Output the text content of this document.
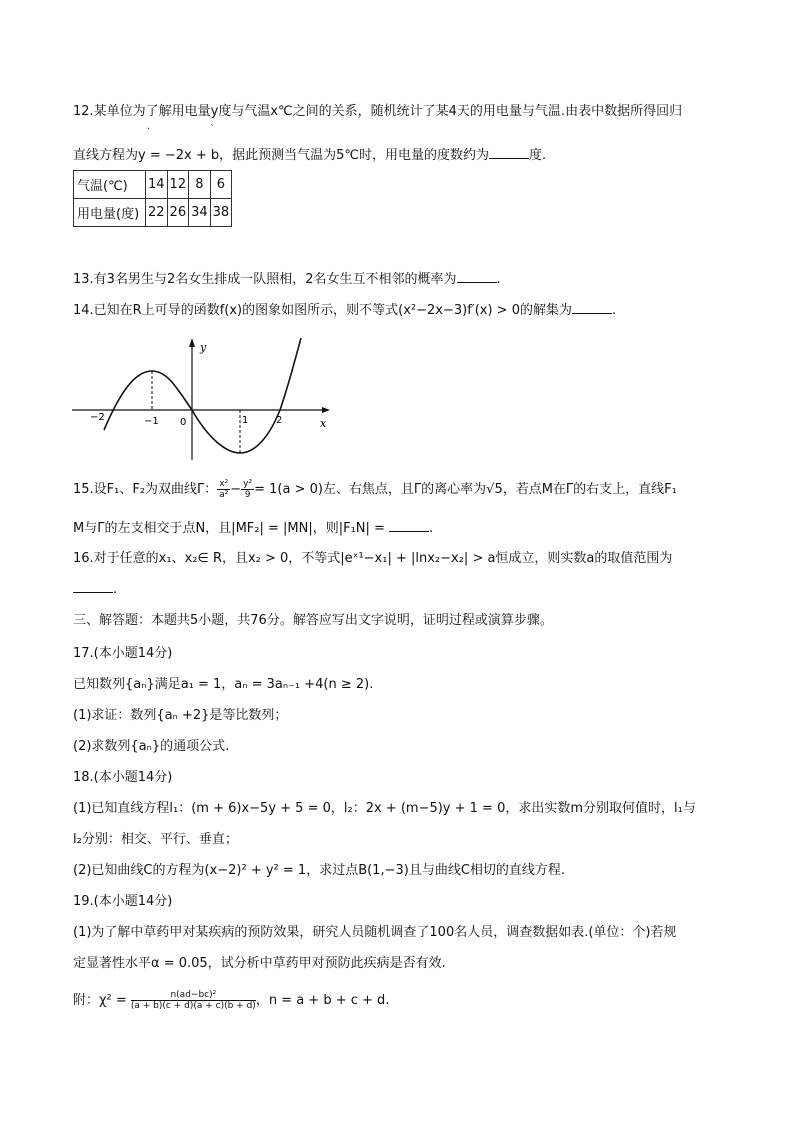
12.某单位为了解用电量y度与气温x℃之间的关系，随机统计了某4天的用电量与气温.由表中数据所得回归
·	`
直线方程为y = −2x + b，据此预测当气温为5℃时，用电量的度数约为	度.
气温(℃)	14	12	8	6
用电量(度)	22	26	34	38
13.有3名男生与2名女生排成一队照相，2名女生互不相邻的概率为	.
14.已知在R上可导的函数f(x)的图象如图所示，则不等式(x²−2x−3)f′(x) > 0的解集为	.
y
x
−2	−1 0	1	2
15.设F₁、F₂为双曲线Γ： $\frac{\text{x²}}{\text{a²}} - \frac{\text{y²}}{9} = 1(a > 0)$左、右焦点，且Γ的离心率为√5，若点M在Γ的右支上，直线F₁
M与Γ的左支相交于点N，且|MF₂| = |MN|，则|F₁N| =	.
16.对于任意的x₁、x₂∈ R，且x₂ > 0，不等式|eˣ¹−x₁| + |lnx₂−x₂| > a恒成立，则实数a的取值范围为
.
三、解答题：本题共5小题，共76分。解答应写出文字说明，证明过程或演算步骤。
17.(本小题14分)
已知数列{aₙ}满足a₁ = 1，aₙ = 3aₙ₋₁ +4(n ≥ 2).
(1)求证：数列{aₙ +2}是等比数列；
(2)求数列{aₙ}的通项公式.
18.(本小题14分)
(1)已知直线方程l₁：(m + 6)x−5y + 5 = 0，l₂：2x + (m−5)y + 1 = 0，求出实数m分别取何值时，l₁与
l₂分别：相交、平行、垂直；
(2)已知曲线C的方程为(x−2)² + y² = 1，求过点B(1,−3)且与曲线C相切的直线方程.
19.(本小题14分)
(1)为了解中草药甲对某疾病的预防效果，研究人员随机调查了100名人员，调查数据如表.(单位：个)若规
定显著性水平α = 0.05，试分析中草药甲对预防此疾病是否有效.
附：$\chi^2 = \frac{\text{n(ad−bc)²}}{(a + b)(c + d)(a + c)(b + d)}$ ，n = a + b + c + d.
